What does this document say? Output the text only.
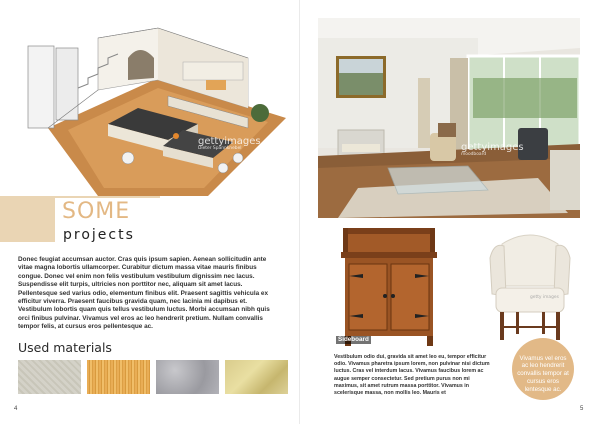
gettyimages
Dieter Spannknebel
SOME
projects

Donec feugiat accumsan auctor. Cras quis ipsum sapien. Aenean sollicitudin ante vitae magna lobortis ullamcorper. Curabitur dictum massa vitae mauris finibus congue. Donec vel enim non felis vestibulum vestibulum dignissim nec lacus. Suspendisse elit turpis, ultricies non porttitor nec, aliquam sit amet lacus. Pellentesque sed varius odio, elementum finibus elit. Praesent sagittis vehicula ex efficitur viverra. Praesent faucibus gravida quam, nec lacinia mi dapibus et. Vestibulum lobortis quam quis tellus vestibulum luctus. Morbi accumsan nibh quis orci finibus pulvinar. Vivamus vel eros ac leo hendrerit pretium. Nullam convallis tempor felis, at cursus eros pellentesque ac.

Used materials
4
gettyimages
moodboard
Sideboard
getty images

Vestibulum odio dui, gravida sit amet leo eu, tempor efficitur odio. Vivamus pharetra ipsum lorem, non pulvinar nisi dictum luctus. Cras vel interdum lacus. Vivamus faucibus lorem ac augue semper consectetur. Sed pretium purus non mi maximus, sit amet rutrum massa porttitor. Vivamus in scelerisque massa, non mollis leo. Mauris et

Vivamus vel eros ac leo hendrerit convallis tempor at cursus eros lentesque ac.
5
